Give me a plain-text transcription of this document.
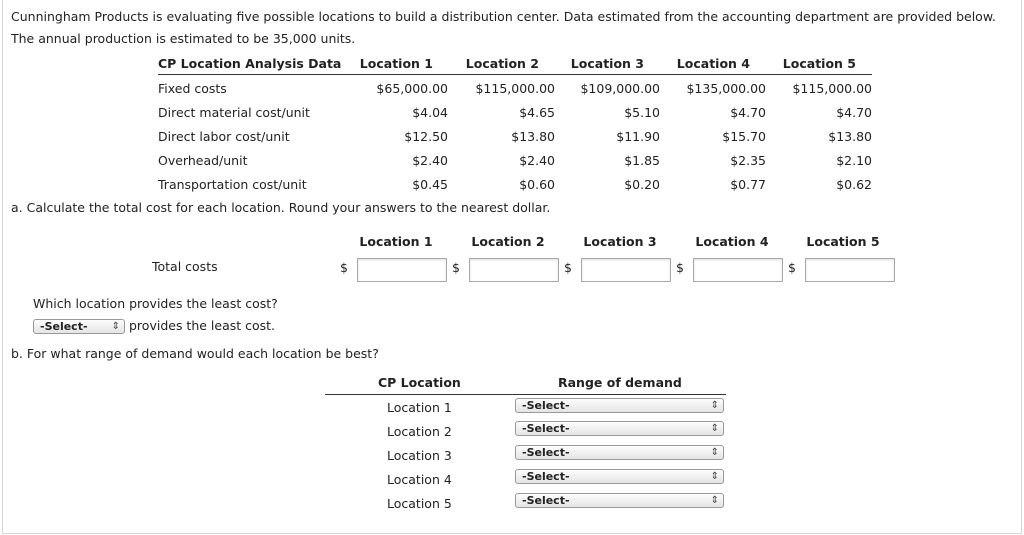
Cunningham Products is evaluating five possible locations to build a distribution center. Data estimated from the accounting department are provided below. The annual production is estimated to be 35,000 units.
CP Location Analysis Data	Location 1	Location 2	Location 3	Location 4	Location 5
Fixed costs	$65,000.00	$115,000.00	$109,000.00	$135,000.00	$115,000.00
Direct material cost/unit	$4.04	$4.65	$5.10	$4.70	$4.70
Direct labor cost/unit	$12.50	$13.80	$11.90	$15.70	$13.80
Overhead/unit	$2.40	$2.40	$1.85	$2.35	$2.10
Transportation cost/unit	$0.45	$0.60	$0.20	$0.77	$0.62
a. Calculate the total cost for each location. Round your answers to the nearest dollar.
Location 1	Location 2	Location 3	Location 4	Location 5
Total costs	$	$	$	$	$
Which location provides the least cost?
-Select- ⇕ provides the least cost.
b. For what range of demand would each location be best?
CP Location	Range of demand
Location 1	-Select-	⇕
Location 2	-Select-	⇕
Location 3	-Select-	⇕
Location 4	-Select-	⇕
Location 5	-Select-	⇕
